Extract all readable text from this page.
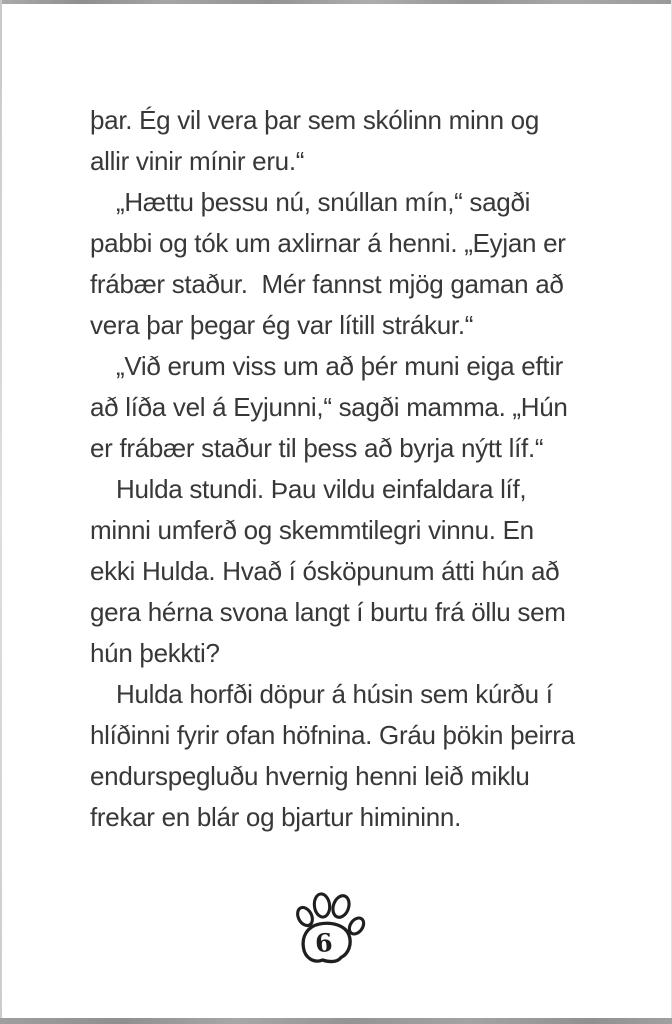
þar. Ég vil vera þar sem skólinn minn og
allir vinir mínir eru.“
„Hættu þessu nú, snúllan mín,“ sagði
pabbi og tók um axlirnar á henni. „Eyjan er
frábær staður.  Mér fannst mjög gaman að
vera þar þegar ég var lítill strákur.“
„Við erum viss um að þér muni eiga eftir
að líða vel á Eyjunni,“ sagði mamma. „Hún
er frábær staður til þess að byrja nýtt líf.“
Hulda stundi. Þau vildu einfaldara líf,
minni umferð og skemmtilegri vinnu. En
ekki Hulda. Hvað í ósköpunum átti hún að
gera hérna svona langt í burtu frá öllu sem
hún þekkti?
Hulda horfði döpur á húsin sem kúrðu í
hlíðinni fyrir ofan höfnina. Gráu þökin þeirra
endurspegluðu hvernig henni leið miklu
frekar en blár og bjartur himininn.
6
